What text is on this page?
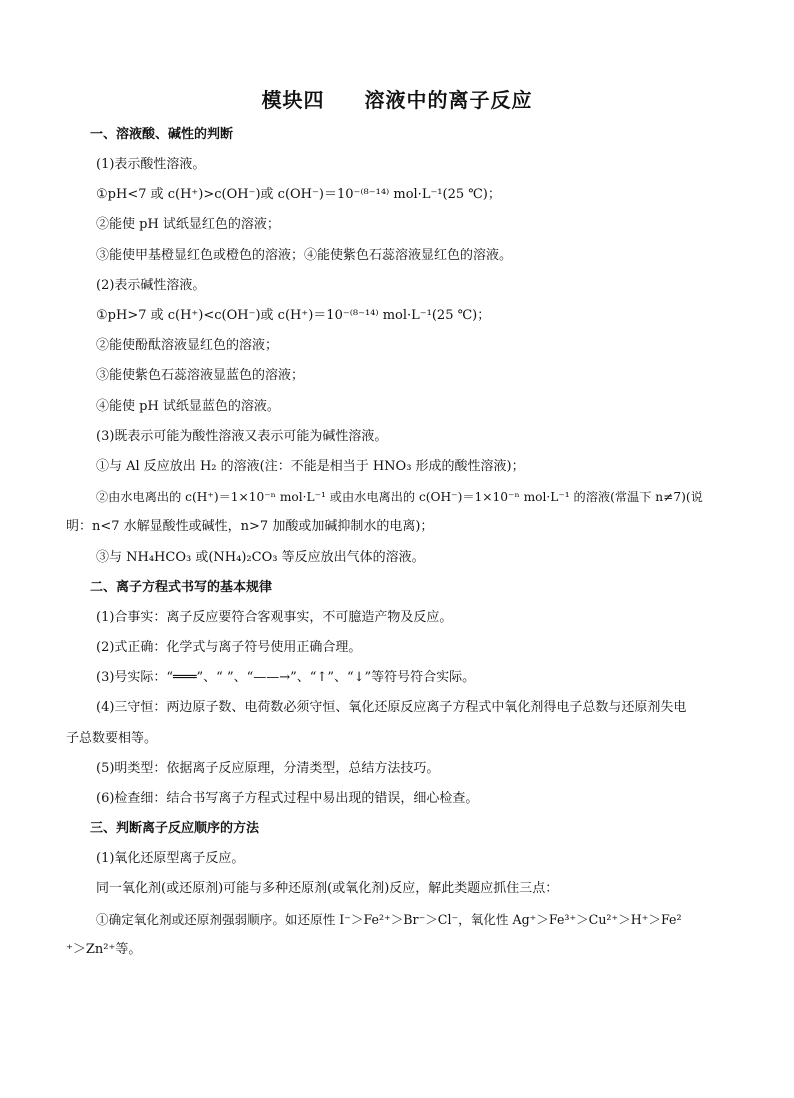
模块四 溶液中的离子反应
一、溶液酸、碱性的判断
(1)表示酸性溶液。
①pH<7 或 c(H⁺)>c(OH⁻)或 c(OH⁻)＝10⁻⁽⁸⁻¹⁴⁾ mol·L⁻¹(25 ℃)；
②能使 pH 试纸显红色的溶液；
③能使甲基橙显红色或橙色的溶液；④能使紫色石蕊溶液显红色的溶液。
(2)表示碱性溶液。
①pH>7 或 c(H⁺)<c(OH⁻)或 c(H⁺)＝10⁻⁽⁸⁻¹⁴⁾ mol·L⁻¹(25 ℃)；
②能使酚酞溶液显红色的溶液；
③能使紫色石蕊溶液显蓝色的溶液；
④能使 pH 试纸显蓝色的溶液。
(3)既表示可能为酸性溶液又表示可能为碱性溶液。
①与 Al 反应放出 H₂ 的溶液(注：不能是相当于 HNO₃ 形成的酸性溶液)；
②由水电离出的 c(H⁺)＝1×10⁻ⁿ mol·L⁻¹ 或由水电离出的 c(OH⁻)＝1×10⁻ⁿ mol·L⁻¹ 的溶液(常温下 n≠7)(说
明：n<7 水解显酸性或碱性，n>7 加酸或加碱抑制水的电离)；
③与 NH₄HCO₃ 或(NH₄)₂CO₃ 等反应放出气体的溶液。
二、离子方程式书写的基本规律
(1)合事实：离子反应要符合客观事实，不可臆造产物及反应。
(2)式正确：化学式与离子符号使用正确合理。
(3)号实际：“═══”、“ ”、“——→”、“↑”、“↓”等符号符合实际。
(4)三守恒：两边原子数、电荷数必须守恒、氧化还原反应离子方程式中氧化剂得电子总数与还原剂失电
子总数要相等。
(5)明类型：依据离子反应原理，分清类型，总结方法技巧。
(6)检查细：结合书写离子方程式过程中易出现的错误，细心检查。
三、判断离子反应顺序的方法
(1)氧化还原型离子反应。
同一氧化剂(或还原剂)可能与多种还原剂(或氧化剂)反应，解此类题应抓住三点：
①确定氧化剂或还原剂强弱顺序。如还原性 I⁻＞Fe²⁺＞Br⁻＞Cl⁻，氧化性 Ag⁺＞Fe³⁺＞Cu²⁺＞H⁺＞Fe²
⁺＞Zn²⁺等。
